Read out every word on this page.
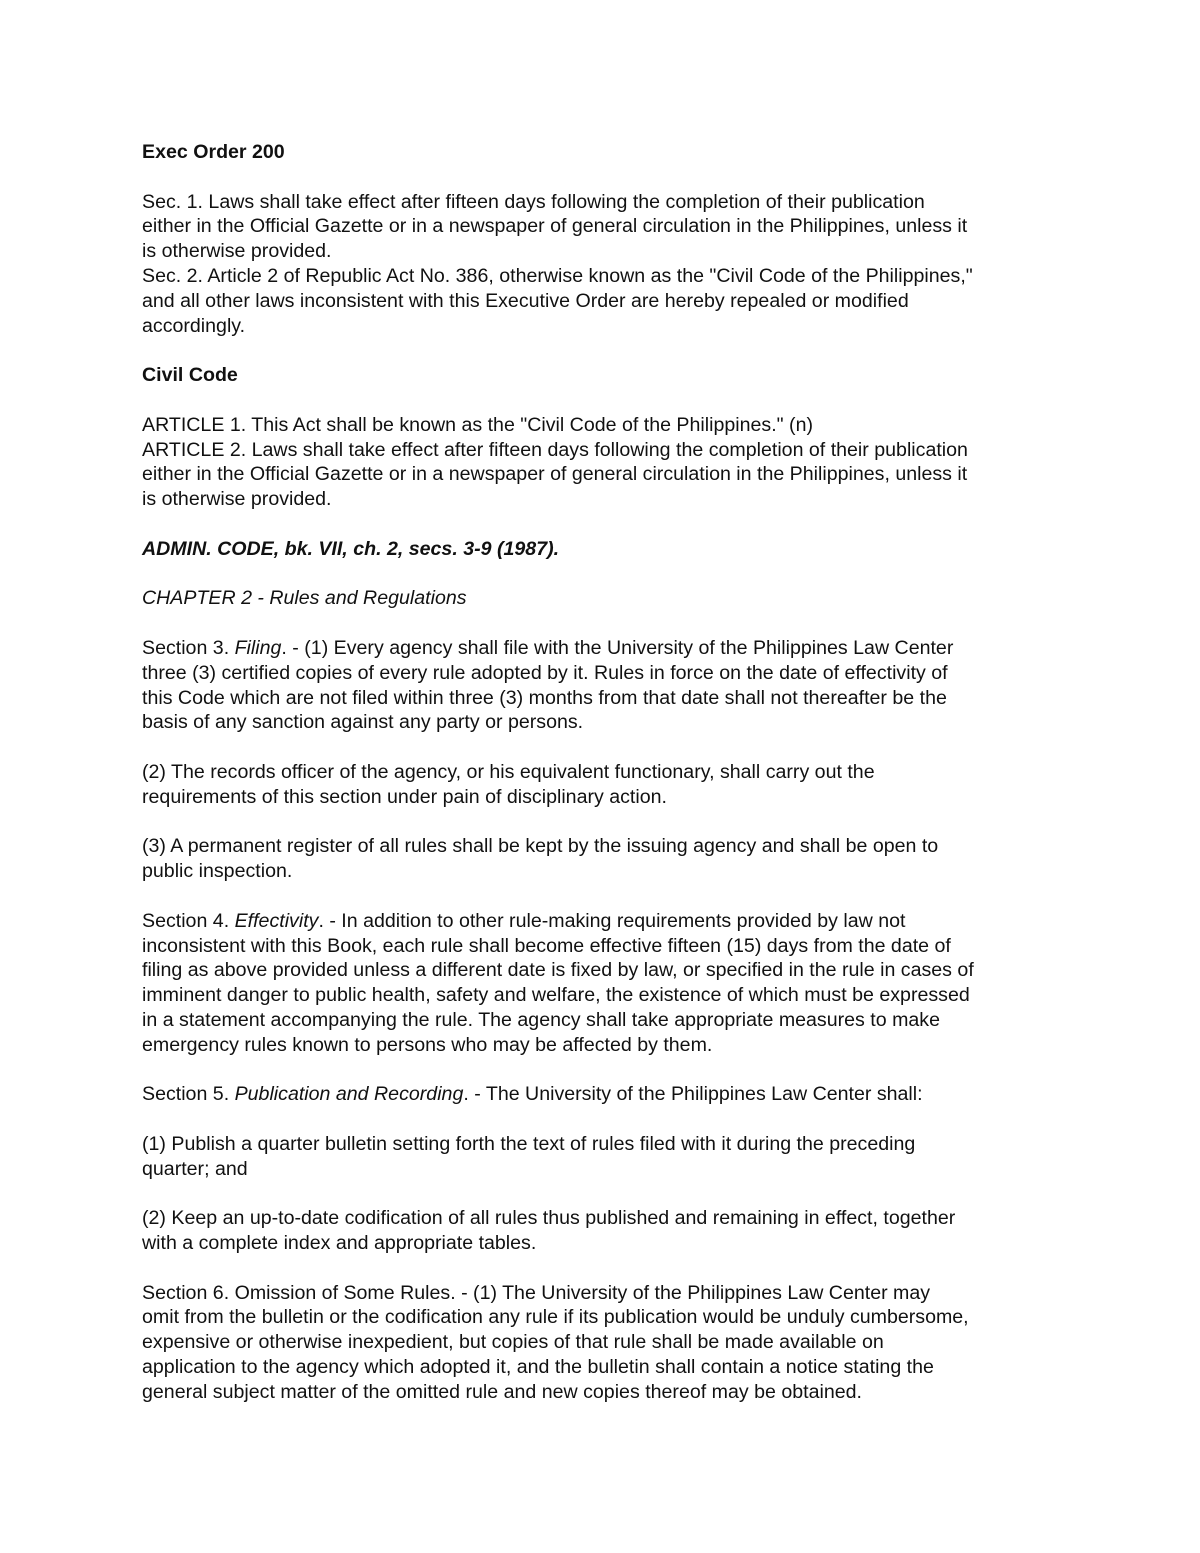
Exec Order 200
Sec. 1. Laws shall take effect after fifteen days following the completion of their publication
either in the Official Gazette or in a newspaper of general circulation in the Philippines, unless it
is otherwise provided.
Sec. 2. Article 2 of Republic Act No. 386, otherwise known as the "Civil Code of the Philippines,"
and all other laws inconsistent with this Executive Order are hereby repealed or modified
accordingly.
Civil Code
ARTICLE 1. This Act shall be known as the "Civil Code of the Philippines." (n)
ARTICLE 2. Laws shall take effect after fifteen days following the completion of their publication
either in the Official Gazette or in a newspaper of general circulation in the Philippines, unless it
is otherwise provided.
ADMIN. CODE, bk. VII, ch. 2, secs. 3-9 (1987).
CHAPTER 2 - Rules and Regulations
Section 3. Filing. - (1) Every agency shall file with the University of the Philippines Law Center
three (3) certified copies of every rule adopted by it. Rules in force on the date of effectivity of
this Code which are not filed within three (3) months from that date shall not thereafter be the
basis of any sanction against any party or persons.
(2) The records officer of the agency, or his equivalent functionary, shall carry out the
requirements of this section under pain of disciplinary action.
(3) A permanent register of all rules shall be kept by the issuing agency and shall be open to
public inspection.
Section 4. Effectivity. - In addition to other rule-making requirements provided by law not
inconsistent with this Book, each rule shall become effective fifteen (15) days from the date of
filing as above provided unless a different date is fixed by law, or specified in the rule in cases of
imminent danger to public health, safety and welfare, the existence of which must be expressed
in a statement accompanying the rule. The agency shall take appropriate measures to make
emergency rules known to persons who may be affected by them.
Section 5. Publication and Recording. - The University of the Philippines Law Center shall:
(1) Publish a quarter bulletin setting forth the text of rules filed with it during the preceding
quarter; and
(2) Keep an up-to-date codification of all rules thus published and remaining in effect, together
with a complete index and appropriate tables.
Section 6. Omission of Some Rules. - (1) The University of the Philippines Law Center may
omit from the bulletin or the codification any rule if its publication would be unduly cumbersome,
expensive or otherwise inexpedient, but copies of that rule shall be made available on
application to the agency which adopted it, and the bulletin shall contain a notice stating the
general subject matter of the omitted rule and new copies thereof may be obtained.
